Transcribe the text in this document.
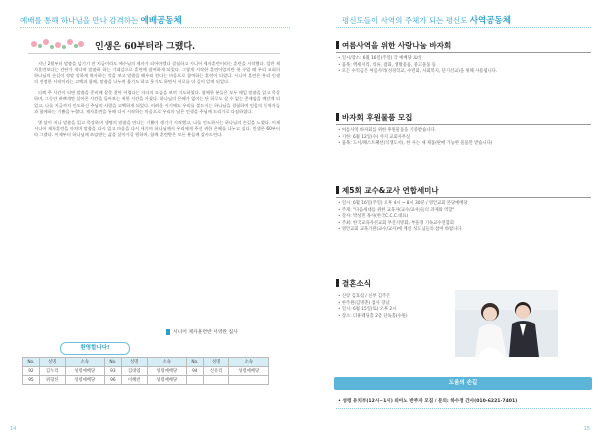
예배를 통해 하나님을 만나 감격하는 예배공동체
인생은 60부터라 그랬다.

지난 2월부터 말씀을 넘기기 전 지금이라도 예수님의 제자가 되어야겠다 결심하고 시니어 제자훈련이라는 훈련을 시작했다. 일반 제자훈련보다는 간단가 적다며 말씀하 하는 기대감으로 훈련에 참여하게 되었다. 그렇게 시작한 훈련이었지만 첫 수업 때 우리 교회의 하나님의 손길이 정말 강하게 역사하는 것을 보고 말씀을 배우러 간다는 마음으로 참여하는 훈련이 되었다. 시니어 훈련은 우리 인생의 진정한 시작이라는 고백과 함께, 말씀을 나누며 울기도 하고 웃기도 하면서 서로를 더 깊이 알게 되었다.

되찍 주 시간이 되면 말씀을 준비해 잘못 찾아 어렵다는 자녀의 모습을 보며 기도하였다. 함께한 분들은 모두 매일 말씀을 읽고 묵상하며, 그동안 바쁘게만 살아온 시간을 돌아보는 귀한 시간을 가졌다. 하나님의 은혜가 없이는 단 하루도 살 수 없는 존재임을 깨닫게 되었고, 나를 지금까지 인도하신 주님의 사랑을 고백하게 되었다. 어려운 시기에도 우리를 붙드시는 하나님을 경험하며 믿음의 동역자들과 함께하는 기쁨을 누렸다. 제자훈련을 통해 다시 시작하는 마음으로 우리의 남은 인생을 주님께 드리기로 다짐하였다.

몇 달이 지나 말씀을 읽고 묵상하며 생명의 말씀을 만나는 기쁨이 생기기 시작했고, 나를 인도하시는 하나님의 손길을 느꼈다. 이제 시니어 제자훈련을 마치며 말씀을 다시 읽고 마음을 다시 새기며 하나님께서 우리에게 주신 귀한 은혜를 나누고 싶다. 인생은 60부터라 그랬다. 이제부터 하나님께 쓰임받는 삶을 살아가길 원하며, 함께 훈련받은 모든 분들께 감사드린다.

시니어 제자훈련반 서영완 집사
환영합니다!
No.	성명	소속	No.	성명	소속	No.	성명	소속
92	김누리	성령예배당	93	김대엽	성령예배당	94	신유리	성령예배당
95	위형선	성령예배당	96	이혜련	성령예배당			
14
평신도들이 사역의 주체가 되는 평신도 사역공동체
여름사역을 위한 사랑나눔 바자회
• 일시/장소: 6월 16일(주일) 각 예배당 로비
• 품목: 액세서리, 의류, 잡화, 생활용품, 중고물품 등
• 모든 수익금은 여름사역(성경학교, 수련회, 사회복지, 단기선교)을 위해 사용됩니다.
바자회 후원물품 모집
• 여름사역 바자회를 위한 후원물품을 기증받습니다.
• 기한: 6월 12일(수) 까지 교회사무실
• 품목: 도서/패스트패션(식생도서), 한 사는 새 제품(판매 가능한 물품만 받습니다)
제5회 교수&교사 연합세미나
• 일시: 6월 16일(주일) 오후 4시 ~ 8시 30분 / 영안교회 본당예배당
• 주제: "다음세대를 위한 교육자(교수/교사)들의 과제와 역할"
• 강사: 박성민 목사(한국C.C.C.대표)
• 주최: 한국교육자선교회 부산지방회, 부울경 기독교수연합회
• 영안교회 교육기관(교수/교사)에 계신 성도님들의 참여 바랍니다.
결혼소식
• 신랑 김효섭 / 신부 김주은
• 한주원(김명춘) 집사 장남
• 일시: 6월 15일(토) 오후 2시
• 장소: 더휴웨딩홀 2층 단독홀(수원)
도움의 손길
• 성령 유치부(12시~1시) 피아노 반주자 모집 / 문의: 하수정 간사(010-6221-7401)
15
